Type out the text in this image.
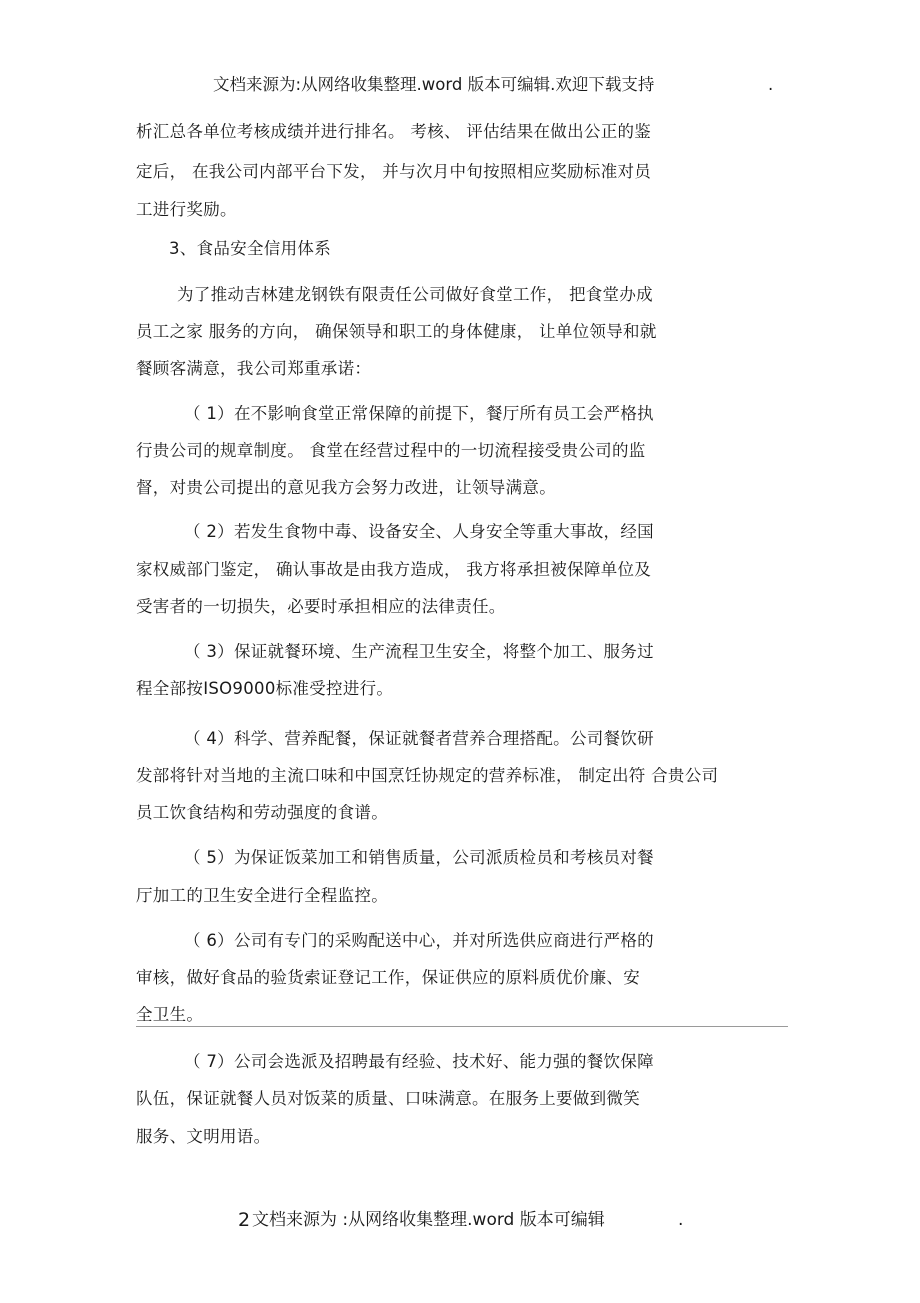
文档来源为:从网络收集整理.word 版本可编辑.欢迎下载支持	.
析汇总各单位考核成绩并进行排名。 考核、 评估结果在做出公正的鉴
定后， 在我公司内部平台下发， 并与次月中旬按照相应奖励标准对员
工进行奖励。
3、食品安全信用体系
为了推动吉林建龙钢铁有限责任公司做好食堂工作， 把食堂办成
员工之家 服务的方向， 确保领导和职工的身体健康， 让单位领导和就
餐顾客满意，我公司郑重承诺：
（ 1）在不影响食堂正常保障的前提下，餐厅所有员工会严格执
行贵公司的规章制度。 食堂在经营过程中的一切流程接受贵公司的监
督，对贵公司提出的意见我方会努力改进，让领导满意。
（ 2）若发生食物中毒、设备安全、人身安全等重大事故，经国
家权威部门鉴定， 确认事故是由我方造成， 我方将承担被保障单位及
受害者的一切损失，必要时承担相应的法律责任。
（ 3）保证就餐环境、生产流程卫生安全，将整个加工、服务过
程全部按ISO9000标准受控进行。
（ 4）科学、营养配餐，保证就餐者营养合理搭配。公司餐饮研
发部将针对当地的主流口味和中国烹饪协规定的营养标准， 制定出符 合贵公司
员工饮食结构和劳动强度的食谱。
（ 5）为保证饭菜加工和销售质量，公司派质检员和考核员对餐
厅加工的卫生安全进行全程监控。
（ 6）公司有专门的采购配送中心，并对所选供应商进行严格的
审核，做好食品的验货索证登记工作，保证供应的原料质优价廉、安
全卫生。
（ 7）公司会选派及招聘最有经验、技术好、能力强的餐饮保障
队伍，保证就餐人员对饭菜的质量、口味满意。在服务上要做到微笑
服务、文明用语。
2 文档来源为 :从网络收集整理.word 版本可编辑	.
